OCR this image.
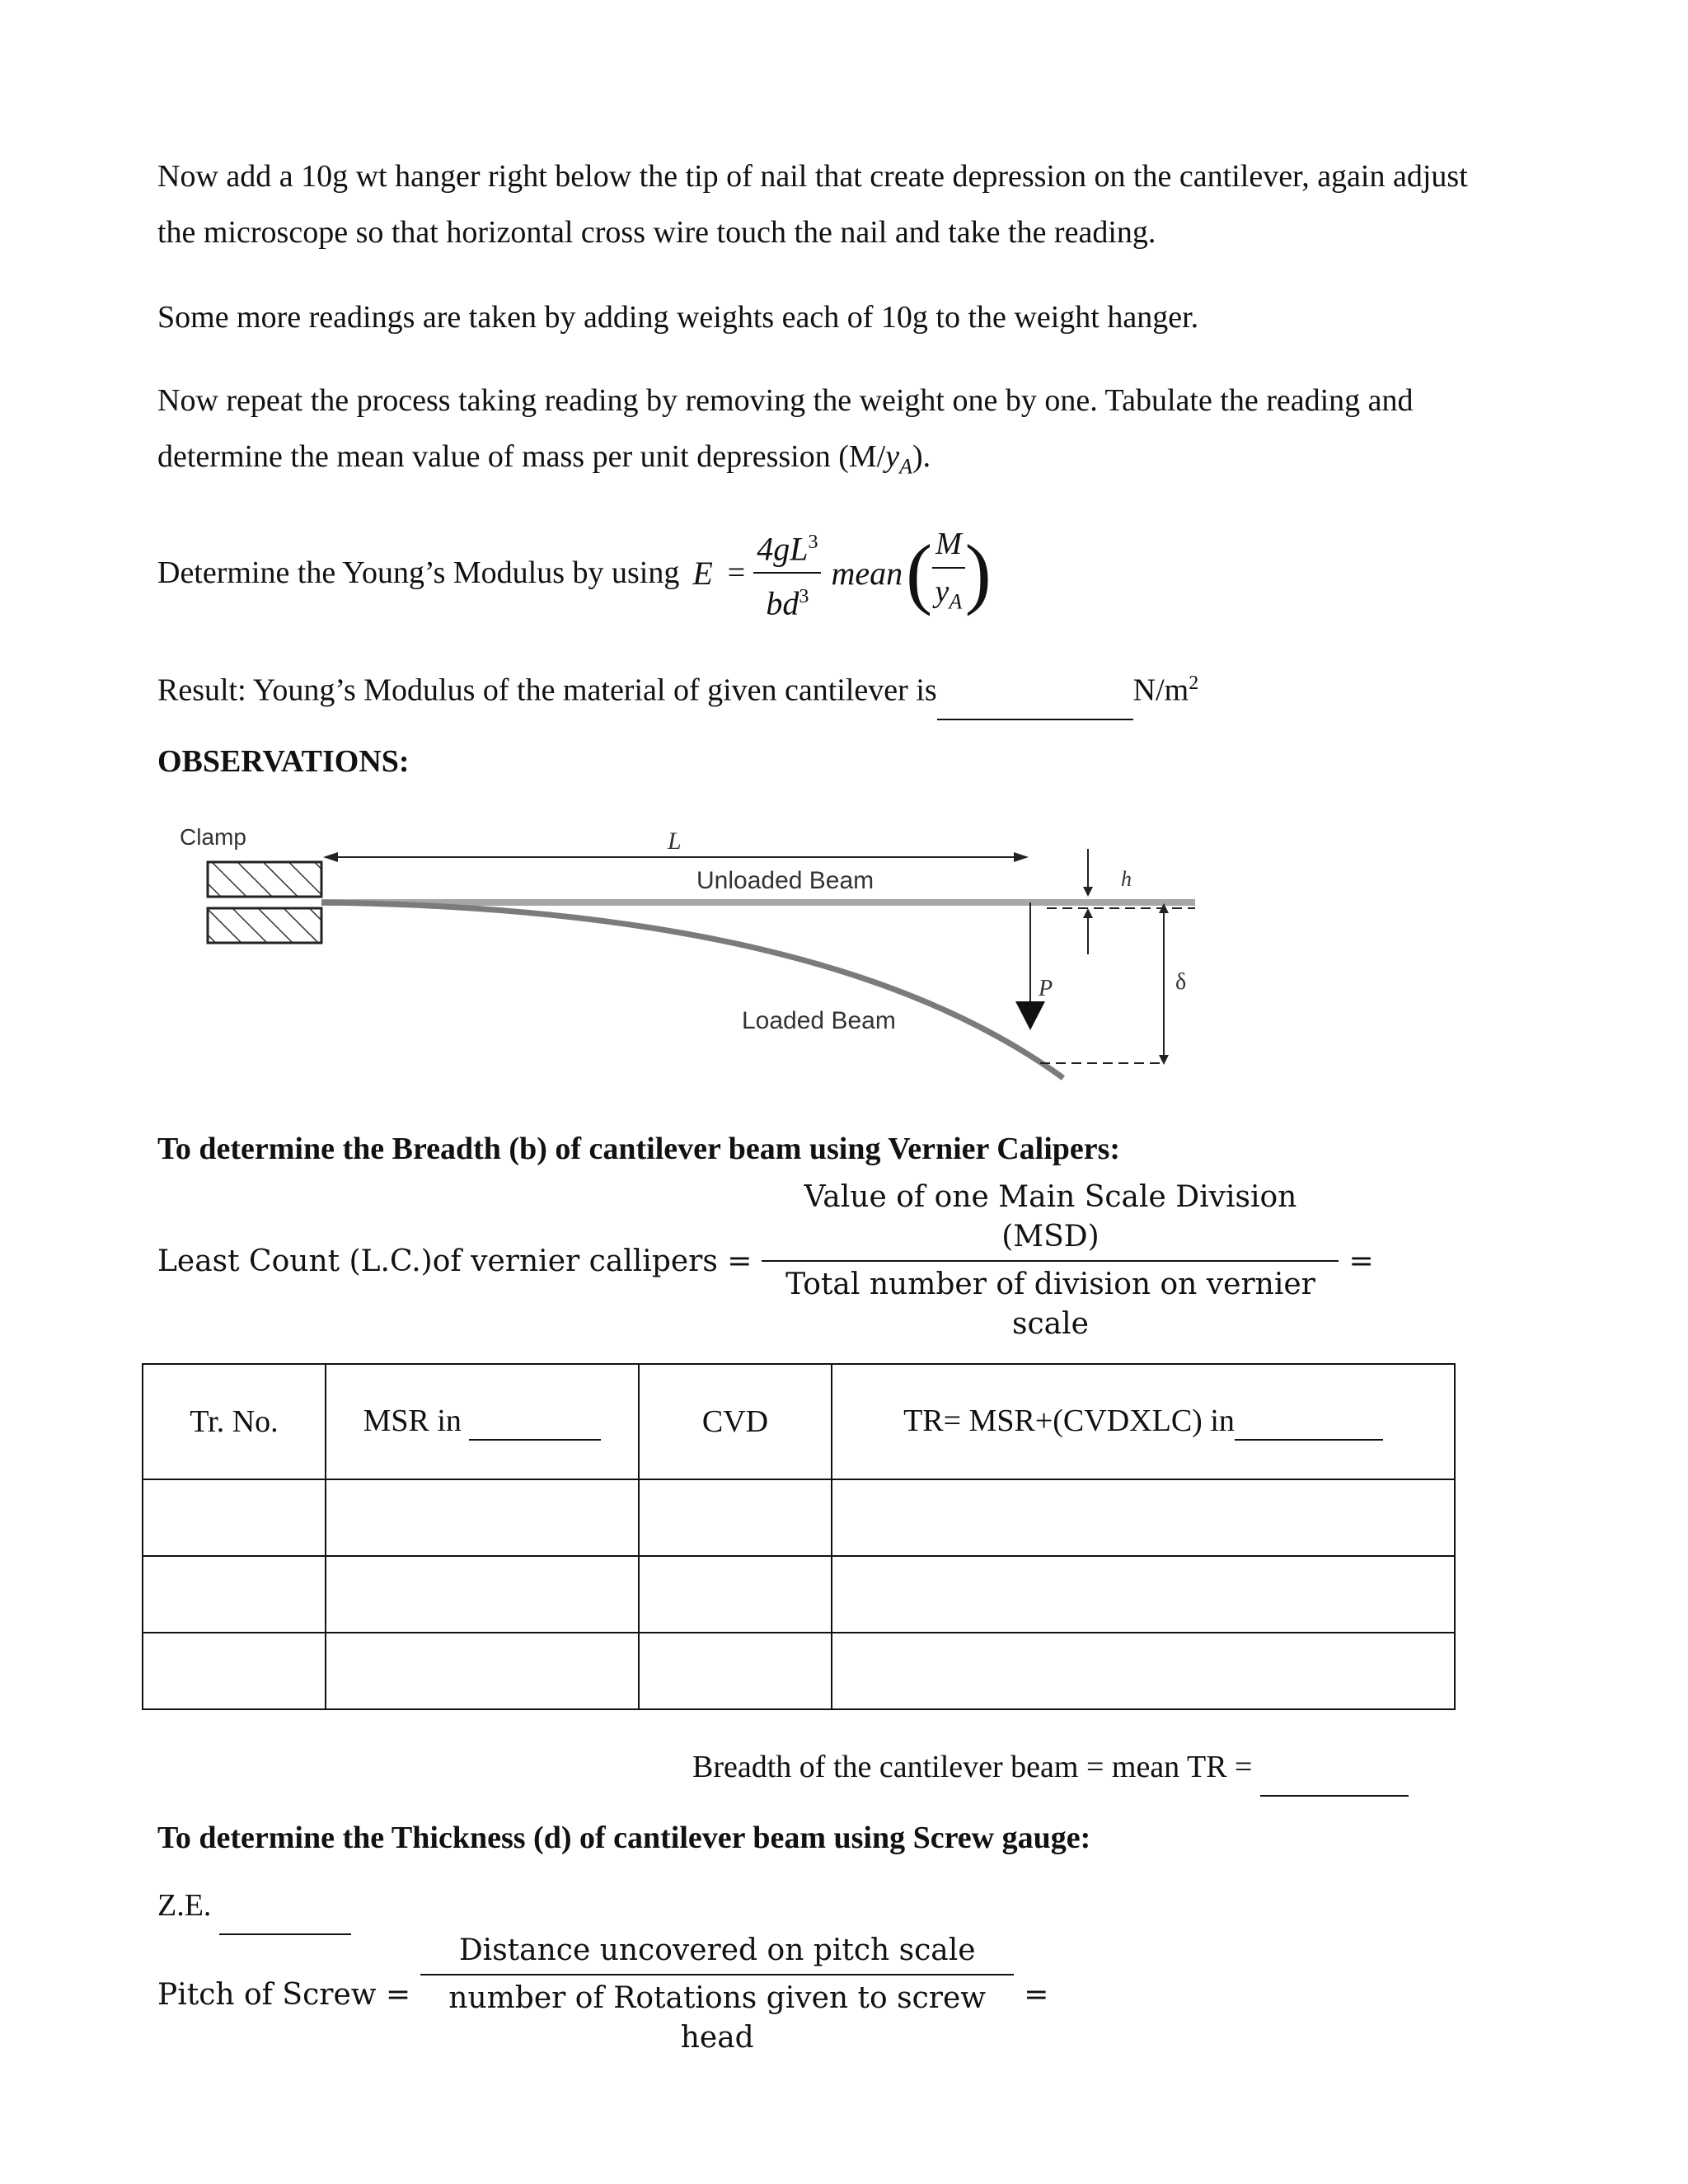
Now add a 10g wt hanger right below the tip of nail that create depression on the cantilever, again adjust
the microscope so that horizontal cross wire touch the nail and take the reading.

Some more readings are taken by adding weights each of 10g to the weight hanger.

Now repeat the process taking reading by removing the weight one by one. Tabulate the reading and
determine the mean value of mass per unit depression $(M/y_A)$.

Determine the Young’s Modulus by using $E = \frac{4gL^3}{bd^3}$ mean ( $\frac{M}{y_A}$ )

Result: Young’s Modulus of the material of given cantilever is	$N/m^2$

OBSERVATIONS:

Clamp	L
Unloaded Beam
Loaded Beam
P
h
δ

To determine the Breadth (b) of cantilever beam using Vernier Calipers:

Least Count (L.C.)of vernier callipers = $\frac{\text{Value of one Main Scale Division (MSD)}}{\text{Total number of division on vernier scale}}$ =
Tr. No.	MSR in	CVD	TR= MSR+(CVDXLC) in

Breadth of the cantilever beam = mean TR =

To determine the Thickness (d) of cantilever beam using Screw gauge:

Z.E.

Pitch of Screw = $\frac{\text{Distance uncovered on pitch scale}}{\text{number of Rotations given to screw head}}$ =
